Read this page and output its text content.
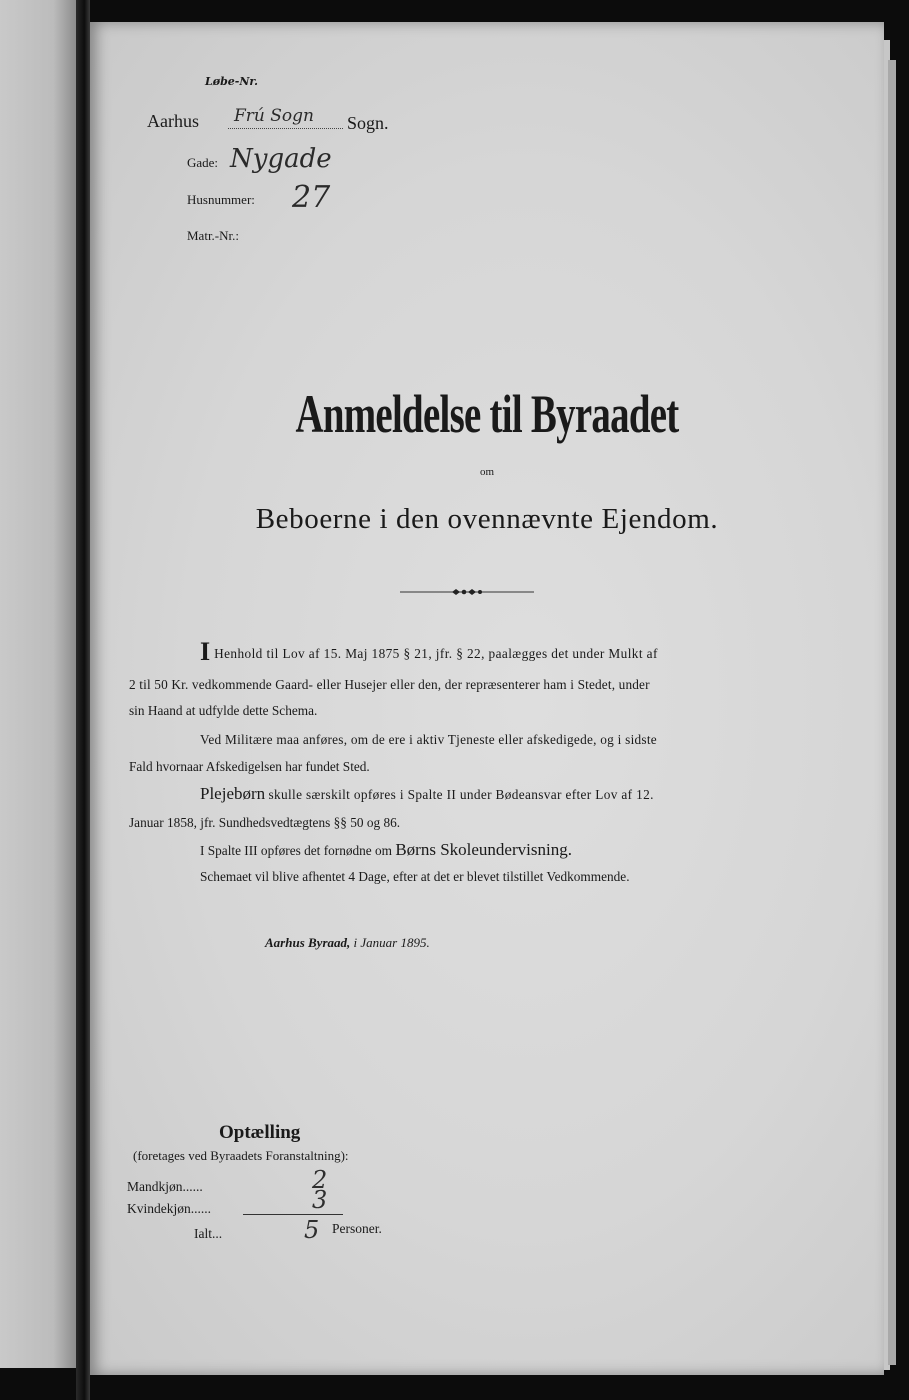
Løbe-Nr.
Aarhus Frú Sogn Sogn.
Gade: Nygade
Husnummer: 27
Matr.-Nr.:
Anmeldelse til Byraadet
om
Beboerne i den ovennævnte Ejendom.
I Henhold til Lov af 15. Maj 1875 § 21, jfr. § 22, paalægges det under Mulkt af
2 til 50 Kr. vedkommende Gaard- eller Husejer eller den, der repræsenterer ham i Stedet, under
sin Haand at udfylde dette Schema.
Ved Militære maa anføres, om de ere i aktiv Tjeneste eller afskedigede, og i sidste
Fald hvornaar Afskedigelsen har fundet Sted.
Plejebørn skulle særskilt opføres i Spalte II under Bødeansvar efter Lov af 12.
Januar 1858, jfr. Sundhedsvedtægtens §§ 50 og 86.
I Spalte III opføres det fornødne om Børns Skoleundervisning.
Schemaet vil blive afhentet 4 Dage, efter at det er blevet tilstillet Vedkommende.
Aarhus Byraad, i Januar 1895.
Optælling
(foretages ved Byraadets Foranstaltning):
Mandkjøn......	2
Kvindekjøn......	3
Ialt...	5 Personer.
